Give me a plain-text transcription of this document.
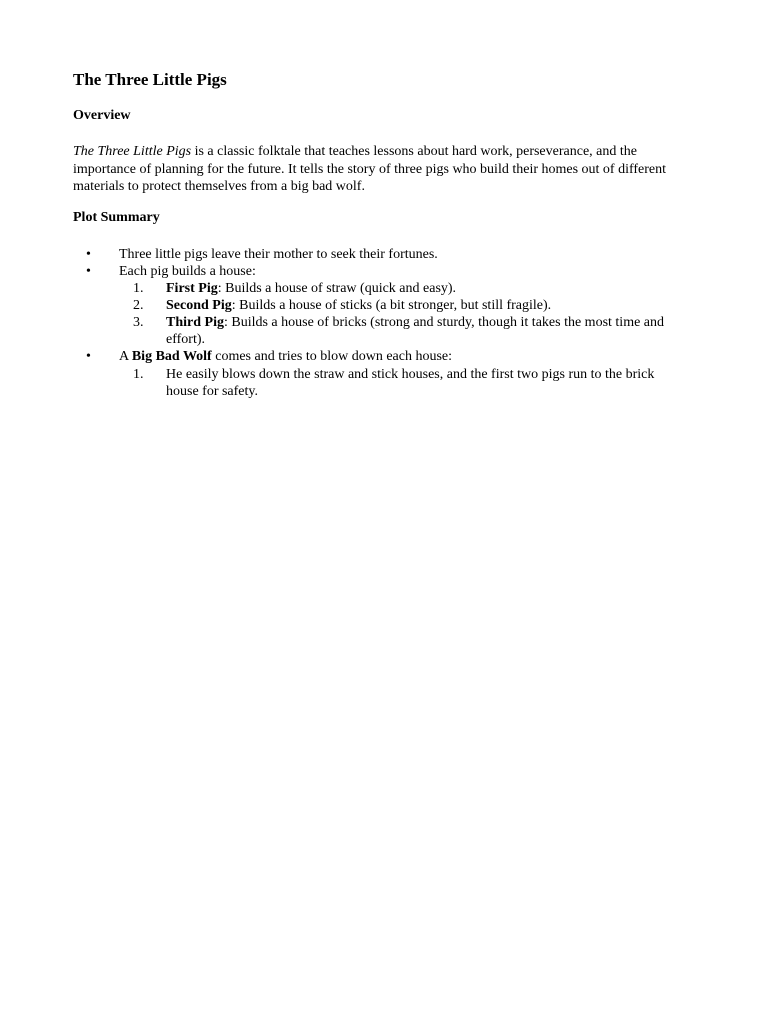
The Three Little Pigs
Overview

The Three Little Pigs is a classic folktale that teaches lessons about hard work, perseverance, and the importance of planning for the future. It tells the story of three pigs who build their homes out of different materials to protect themselves from a big bad wolf.

Plot Summary
• Three little pigs leave their mother to seek their fortunes.
• Each pig builds a house:
1.	First Pig: Builds a house of straw (quick and easy).
2.	Second Pig: Builds a house of sticks (a bit stronger, but still fragile).
3.	Third Pig: Builds a house of bricks (strong and sturdy, though it takes the most time and effort).
• A Big Bad Wolf comes and tries to blow down each house:
1.	He easily blows down the straw and stick houses, and the first two pigs run to the brick house for safety.
